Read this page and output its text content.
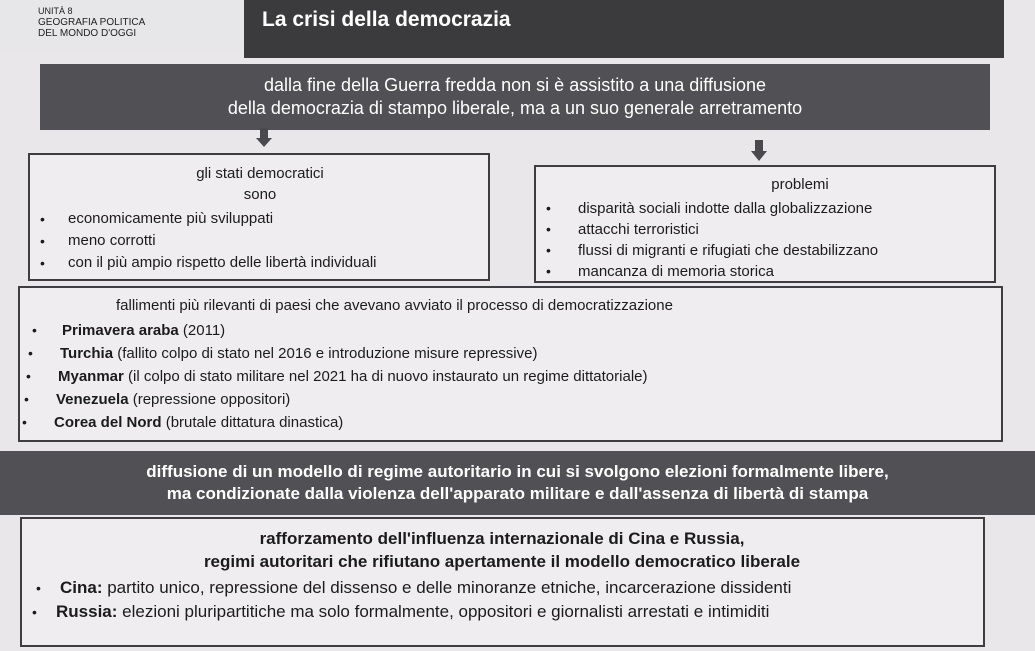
UNITÀ 8
GEOGRAFIA POLITICA
DEL MONDO D'OGGI
La crisi della democrazia
dalla fine della Guerra fredda non si è assistito a una diffusione
della democrazia di stampo liberale, ma a un suo generale arretramento
gli stati democratici
sono
• economicamente più sviluppati
• meno corrotti
• con il più ampio rispetto delle libertà individuali
problemi
• disparità sociali indotte dalla globalizzazione
• attacchi terroristici
• flussi di migranti e rifugiati che destabilizzano
• mancanza di memoria storica
fallimenti più rilevanti di paesi che avevano avviato il processo di democratizzazione
• Primavera araba (2011)
• Turchia (fallito colpo di stato nel 2016 e introduzione misure repressive)
• Myanmar (il colpo di stato militare nel 2021 ha di nuovo instaurato un regime dittatoriale)
• Venezuela (repressione oppositori)
• Corea del Nord (brutale dittatura dinastica)
diffusione di un modello di regime autoritario in cui si svolgono elezioni formalmente libere,
ma condizionate dalla violenza dell'apparato militare e dall'assenza di libertà di stampa
rafforzamento dell'influenza internazionale di Cina e Russia,
regimi autoritari che rifiutano apertamente il modello democratico liberale
• Cina: partito unico, repressione del dissenso e delle minoranze etniche, incarcerazione dissidenti
• Russia: elezioni pluripartitiche ma solo formalmente, oppositori e giornalisti arrestati e intimiditi
